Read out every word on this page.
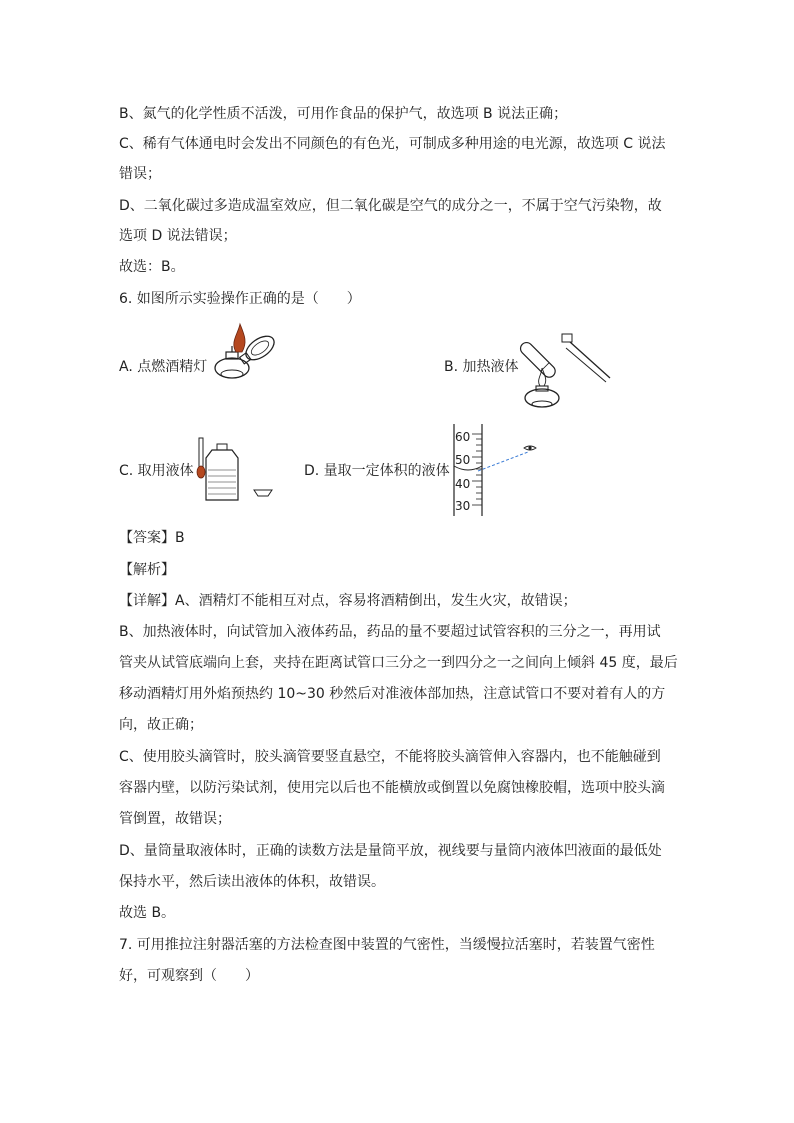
B、氮气的化学性质不活泼，可用作食品的保护气，故选项 B 说法正确；
C、稀有气体通电时会发出不同颜色的有色光，可制成多种用途的电光源，故选项 C 说法
错误；
D、二氧化碳过多造成温室效应，但二氧化碳是空气的成分之一，不属于空气污染物，故
选项 D 说法错误；
故选：B。
6. 如图所示实验操作正确的是（　　）
A. 点燃酒精灯	B. 加热液体
C. 取用液体	D. 量取一定体积的液体
60
50
40
30
【答案】B
【解析】
【详解】A、酒精灯不能相互对点，容易将酒精倒出，发生火灾，故错误；
B、加热液体时，向试管加入液体药品，药品的量不要超过试管容积的三分之一，再用试
管夹从试管底端向上套，夹持在距离试管口三分之一到四分之一之间向上倾斜 45 度，最后
移动酒精灯用外焰预热约 10~30 秒然后对准液体部加热，注意试管口不要对着有人的方
向，故正确；
C、使用胶头滴管时，胶头滴管要竖直悬空，不能将胶头滴管伸入容器内，也不能触碰到
容器内壁，以防污染试剂，使用完以后也不能横放或倒置以免腐蚀橡胶帽，选项中胶头滴
管倒置，故错误；
D、量筒量取液体时，正确的读数方法是量筒平放，视线要与量筒内液体凹液面的最低处
保持水平，然后读出液体的体积，故错误。
故选 B。
7. 可用推拉注射器活塞的方法检查图中装置的气密性，当缓慢拉活塞时，若装置气密性
好，可观察到（　　）
